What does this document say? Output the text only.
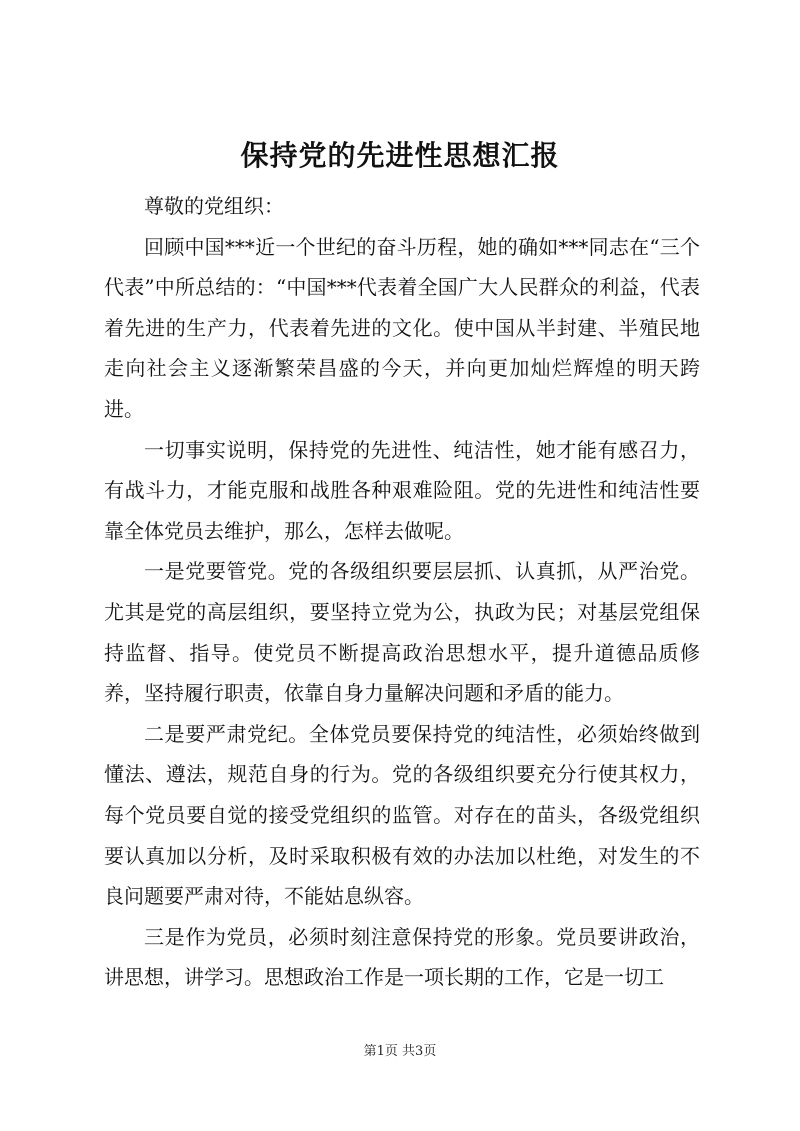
保持党的先进性思想汇报

尊敬的党组织：

回顾中国***近一个世纪的奋斗历程，她的确如***同志在“三个代表”中所总结的：“中国***代表着全国广大人民群众的利益，代表着先进的生产力，代表着先进的文化。使中国从半封建、半殖民地走向社会主义逐渐繁荣昌盛的今天，并向更加灿烂辉煌的明天跨进。

一切事实说明，保持党的先进性、纯洁性，她才能有感召力，有战斗力，才能克服和战胜各种艰难险阻。党的先进性和纯洁性要靠全体党员去维护，那么，怎样去做呢。

一是党要管党。党的各级组织要层层抓、认真抓，从严治党。尤其是党的高层组织，要坚持立党为公，执政为民；对基层党组保持监督、指导。使党员不断提高政治思想水平，提升道德品质修养，坚持履行职责，依靠自身力量解决问题和矛盾的能力。

二是要严肃党纪。全体党员要保持党的纯洁性，必须始终做到懂法、遵法，规范自身的行为。党的各级组织要充分行使其权力，每个党员要自觉的接受党组织的监管。对存在的苗头，各级党组织要认真加以分析，及时采取积极有效的办法加以杜绝，对发生的不良问题要严肃对待，不能姑息纵容。

三是作为党员，必须时刻注意保持党的形象。党员要讲政治，讲思想，讲学习。思想政治工作是一项长期的工作，它是一切工

第1页 共3页
